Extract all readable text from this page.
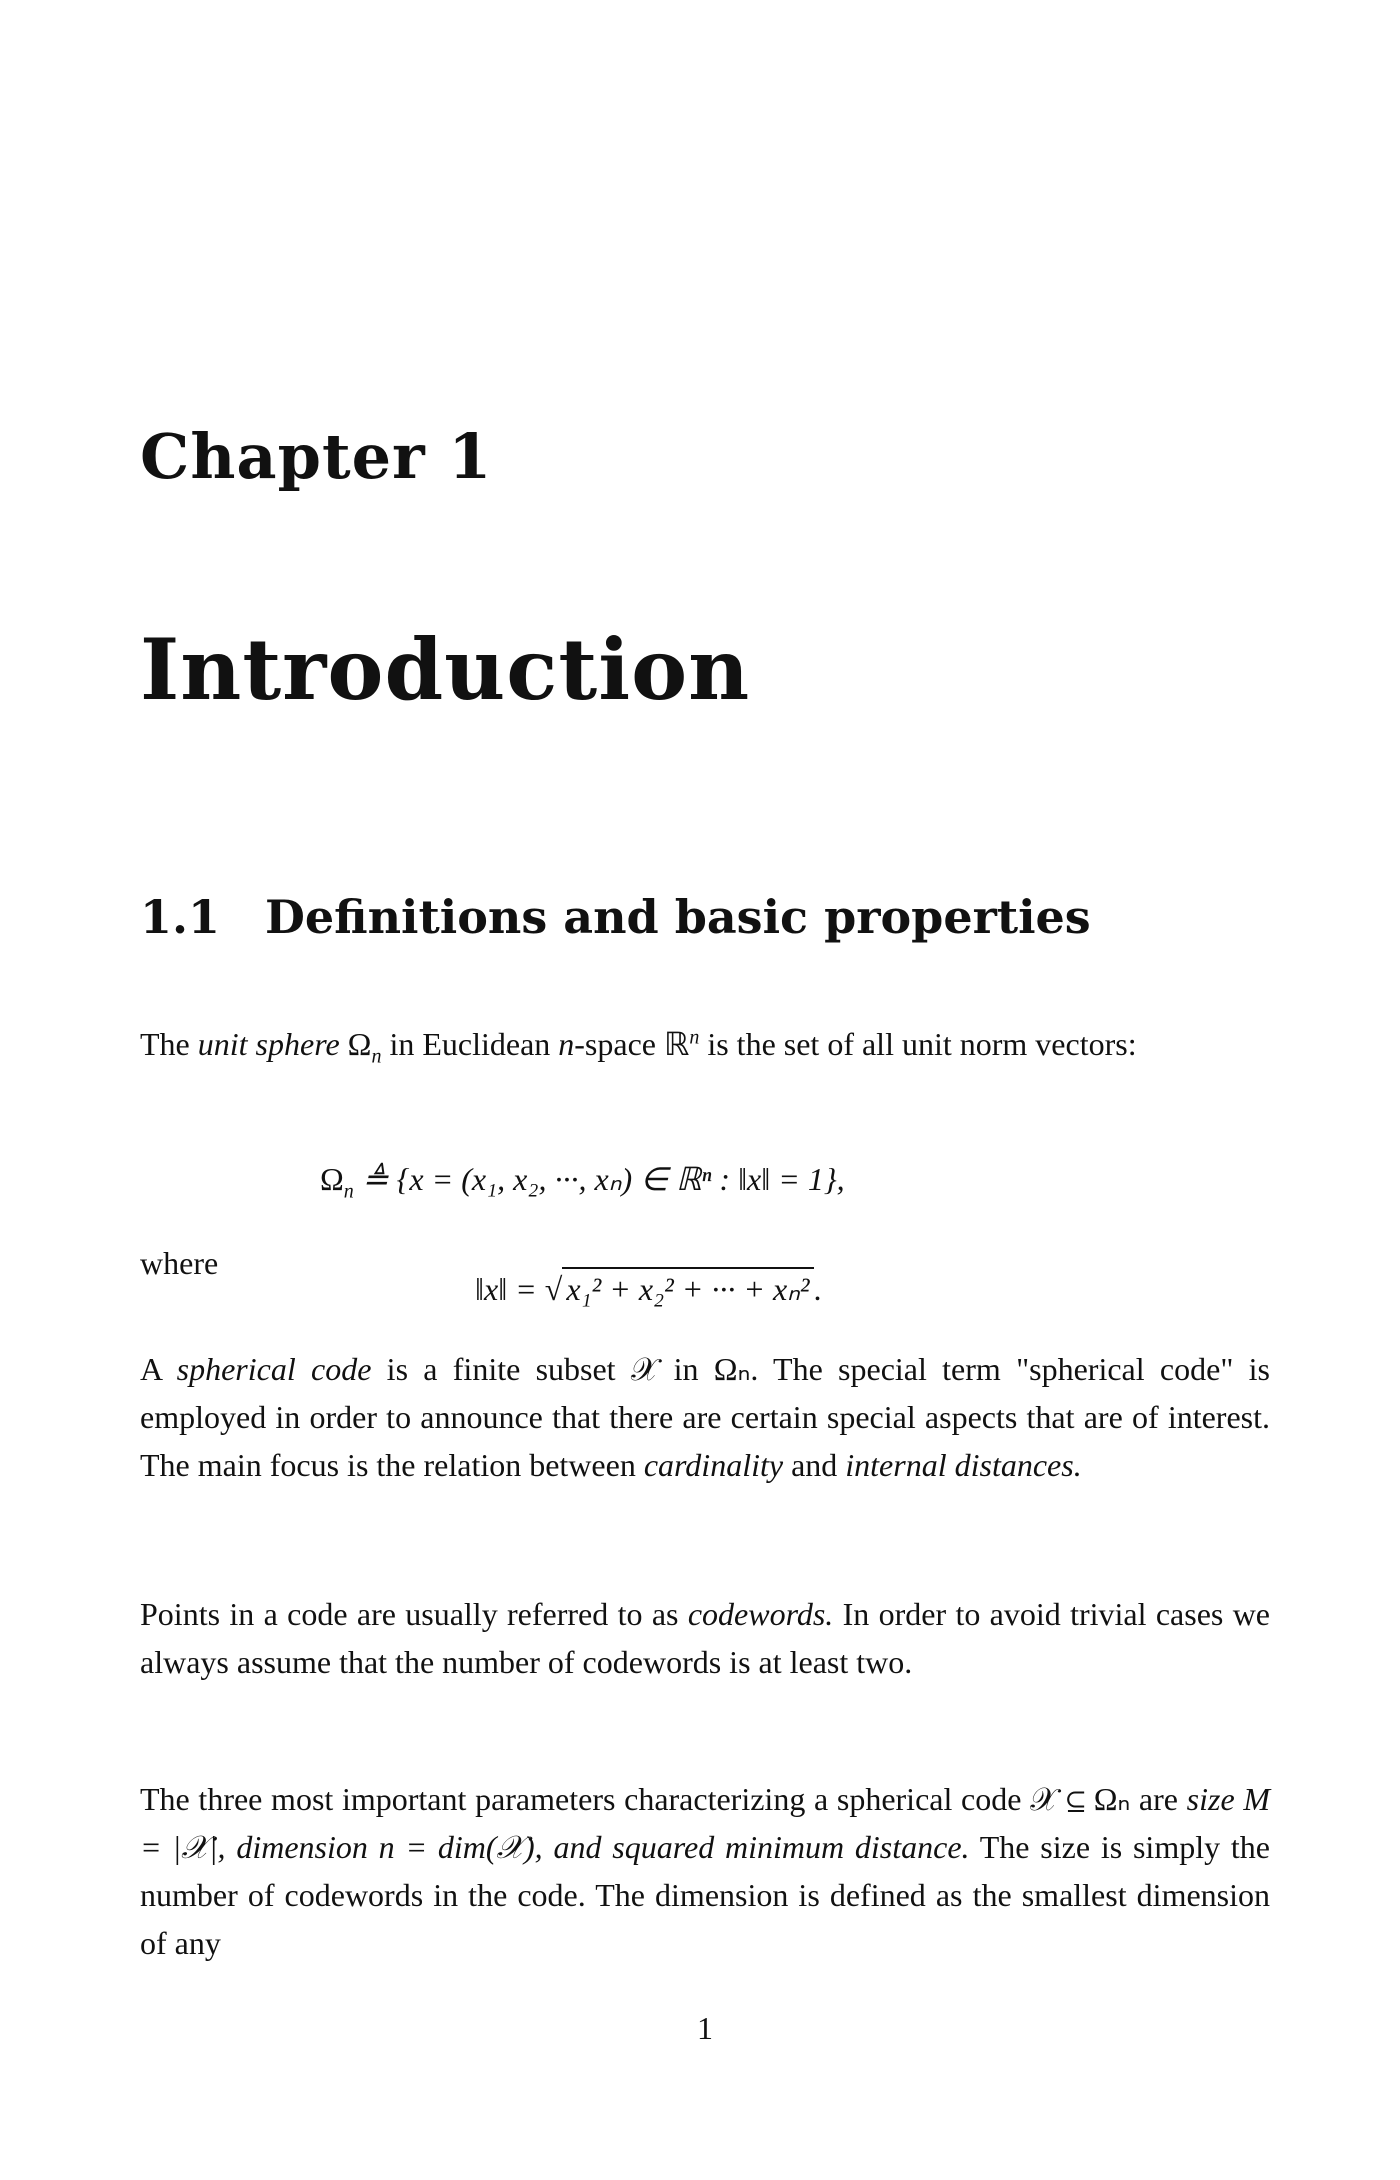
Chapter 1
Introduction
1.1 Definitions and basic properties
The unit sphere $\Omega_n$ in Euclidean n-space ℝ$^n$ is the set of all unit norm vectors:
$\Omega_n$ ≜ {x = (x₁, x₂, ···, xₙ) ∈ ℝⁿ : ‖x‖ = 1},
where
‖x‖ = √ x₁² + x₂² + ··· + xₙ² .
A spherical code is a finite subset 𝒳 in Ωₙ. The special term "spherical code" is employed in order to announce that there are certain special aspects that are of interest. The main focus is the relation between cardinality and internal distances.
Points in a code are usually referred to as codewords. In order to avoid trivial cases we always assume that the number of codewords is at least two.
The three most important parameters characterizing a spherical code 𝒳 ⊆ Ωₙ are size M = |𝒳|, dimension n = dim(𝒳), and squared minimum distance. The size is simply the number of codewords in the code. The dimension is defined as the smallest dimension of any
1
